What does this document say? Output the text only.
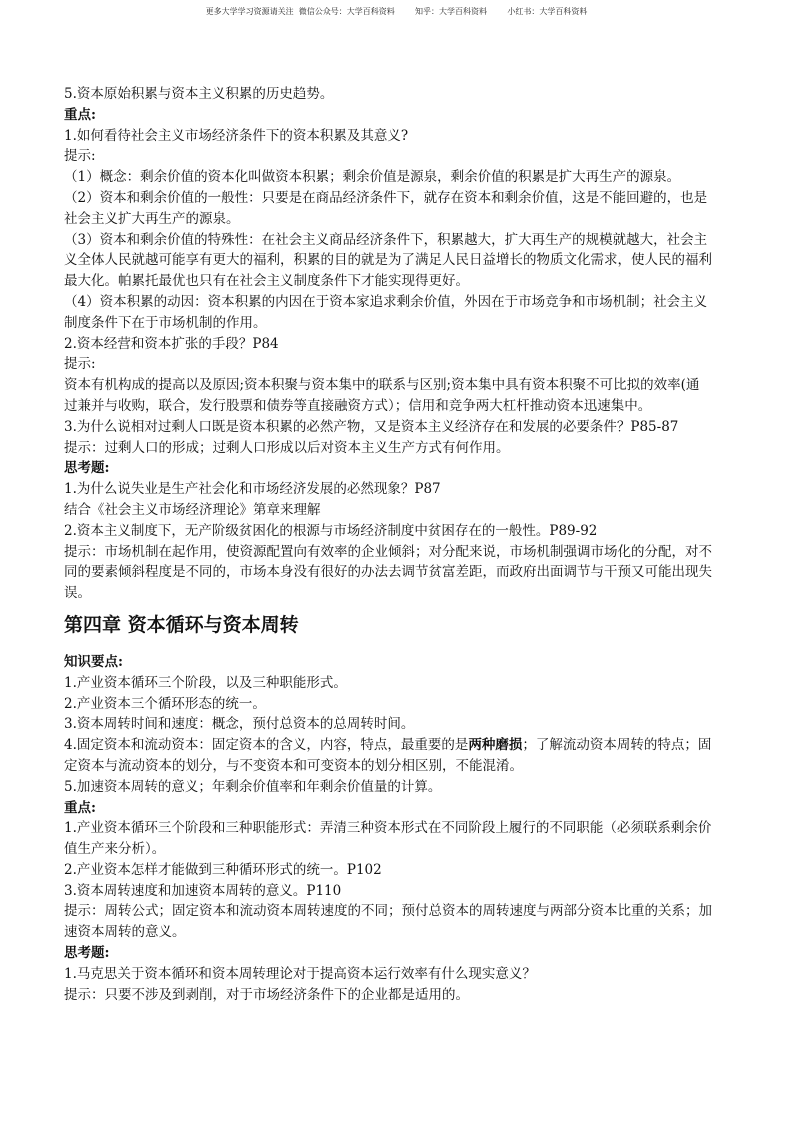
更多大学学习资源请关注  微信公众号：大学百科资料        知乎：大学百科资料        小红书：大学百科资料
5.资本原始积累与资本主义积累的历史趋势。
重点:
1.如何看待社会主义市场经济条件下的资本积累及其意义?
提示:
（1）概念：剩余价值的资本化叫做资本积累；剩余价值是源泉，剩余价值的积累是扩大再生产的源泉。
（2）资本和剩余价值的一般性：只要是在商品经济条件下，就存在资本和剩余价值，这是不能回避的，也是
社会主义扩大再生产的源泉。
（3）资本和剩余价值的特殊性：在社会主义商品经济条件下，积累越大，扩大再生产的规模就越大，社会主
义全体人民就越可能享有更大的福利，积累的目的就是为了满足人民日益增长的物质文化需求，使人民的福利
最大化。帕累托最优也只有在社会主义制度条件下才能实现得更好。
（4）资本积累的动因：资本积累的内因在于资本家追求剩余价值，外因在于市场竞争和市场机制；社会主义
制度条件下在于市场机制的作用。
2.资本经营和资本扩张的手段？P84
提示:
资本有机构成的提高以及原因;资本积聚与资本集中的联系与区别;资本集中具有资本积聚不可比拟的效率(通
过兼并与收购，联合，发行股票和债券等直接融资方式）；信用和竞争两大杠杆推动资本迅速集中。
3.为什么说相对过剩人口既是资本积累的必然产物，又是资本主义经济存在和发展的必要条件？P85-87
提示：过剩人口的形成；过剩人口形成以后对资本主义生产方式有何作用。
思考题:
1.为什么说失业是生产社会化和市场经济发展的必然现象？P87
结合《社会主义市场经济理论》第章来理解
2.资本主义制度下，无产阶级贫困化的根源与市场经济制度中贫困存在的一般性。P89-92
提示：市场机制在起作用，使资源配置向有效率的企业倾斜；对分配来说，市场机制强调市场化的分配，对不
同的要素倾斜程度是不同的，市场本身没有很好的办法去调节贫富差距，而政府出面调节与干预又可能出现失
误。
第四章 资本循环与资本周转
知识要点:
1.产业资本循环三个阶段，以及三种职能形式。
2.产业资本三个循环形态的统一。
3.资本周转时间和速度：概念，预付总资本的总周转时间。
4.固定资本和流动资本：固定资本的含义，内容，特点，最重要的是两种磨损；了解流动资本周转的特点；固
定资本与流动资本的划分，与不变资本和可变资本的划分相区别，不能混淆。
5.加速资本周转的意义；年剩余价值率和年剩余价值量的计算。
重点:
1.产业资本循环三个阶段和三种职能形式：弄清三种资本形式在不同阶段上履行的不同职能（必须联系剩余价
值生产来分析）。
2.产业资本怎样才能做到三种循环形式的统一。P102
3.资本周转速度和加速资本周转的意义。P110
提示：周转公式；固定资本和流动资本周转速度的不同；预付总资本的周转速度与两部分资本比重的关系；加
速资本周转的意义。
思考题:
1.马克思关于资本循环和资本周转理论对于提高资本运行效率有什么现实意义？
提示：只要不涉及到剥削，对于市场经济条件下的企业都是适用的。
